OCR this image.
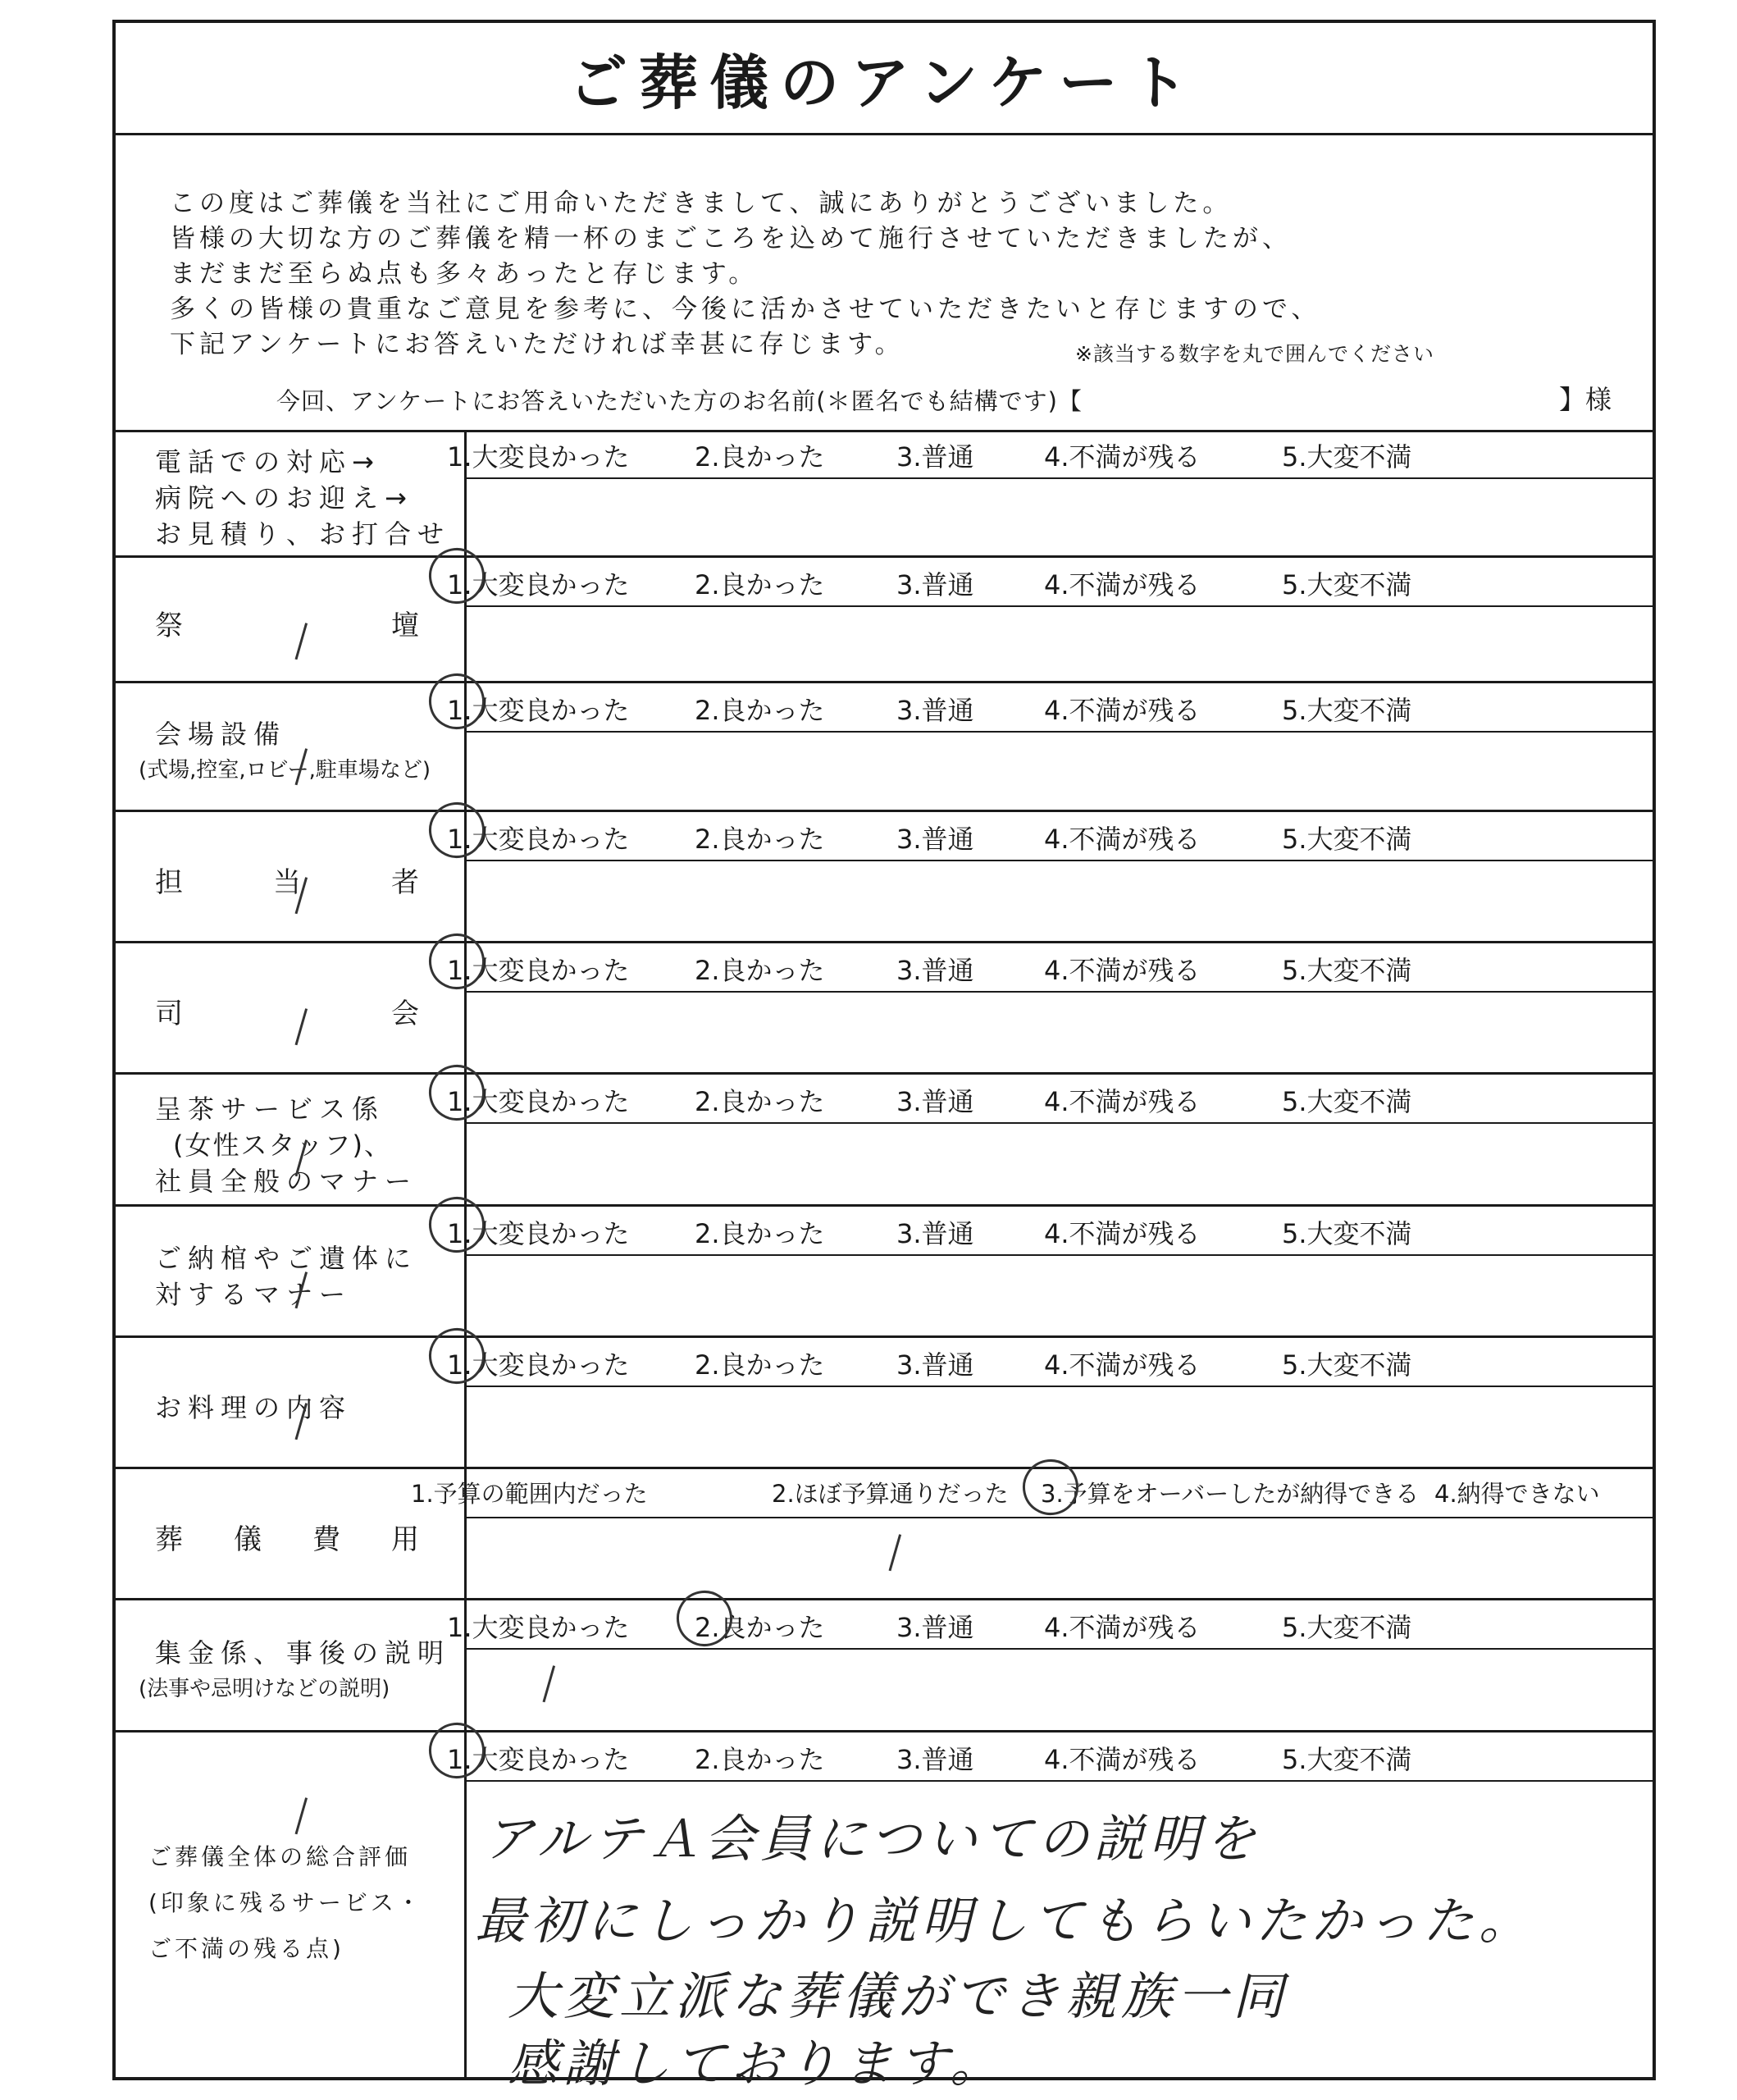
ご葬儀のアンケート
この度はご葬儀を当社にご用命いただきまして、誠にありがとうございました。
皆様の大切な方のご葬儀を精一杯のまごころを込めて施行させていただきましたが、
まだまだ至らぬ点も多々あったと存じます。
多くの皆様の貴重なご意見を参考に、今後に活かさせていただきたいと存じますので、
下記アンケートにお答えいただければ幸甚に存じます。	※該当する数字を丸で囲んでください
今回、アンケートにお答えいただいた方のお名前(＊匿名でも結構です)【	】様
電話での対応→
病院へのお迎え→
お見積り、お打合せ
1.大変良かった 2.良かった	3.普通	4.不満が残る	5.大変不満
祭	壇
1.大変良かった 2.良かった	3.普通	4.不満が残る	5.大変不満
会場設備
(式場,控室,ロビー,駐車場など)
1.大変良かった 2.良かった	3.普通	4.不満が残る	5.大変不満
担	当	者
1.大変良かった 2.良かった	3.普通	4.不満が残る	5.大変不満
司	会
1.大変良かった 2.良かった	3.普通	4.不満が残る	5.大変不満
呈茶サービス係
(女性スタッフ)、
社員全般のマナー
1.大変良かった 2.良かった	3.普通	4.不満が残る	5.大変不満
ご納棺やご遺体に
対するマナー
1.大変良かった 2.良かった	3.普通	4.不満が残る	5.大変不満
お料理の内容
1.大変良かった 2.良かった	3.普通	4.不満が残る	5.大変不満
葬 儀 費 用
1.予算の範囲内だった	2.ほぼ予算通りだった 3.予算をオーバーしたが納得できる 4.納得できない
集金係、事後の説明
(法事や忌明けなどの説明)
1.大変良かった 2.良かった	3.普通	4.不満が残る	5.大変不満
ご葬儀全体の総合評価
(印象に残るサービス・
ご不満の残る点)
1.大変良かった 2.良かった	3.普通	4.不満が残る	5.大変不満
アルテＡ会員についての説明を
最初にしっかり説明してもらいたかった。
大変立派な葬儀ができ親族一同
感謝しております。
